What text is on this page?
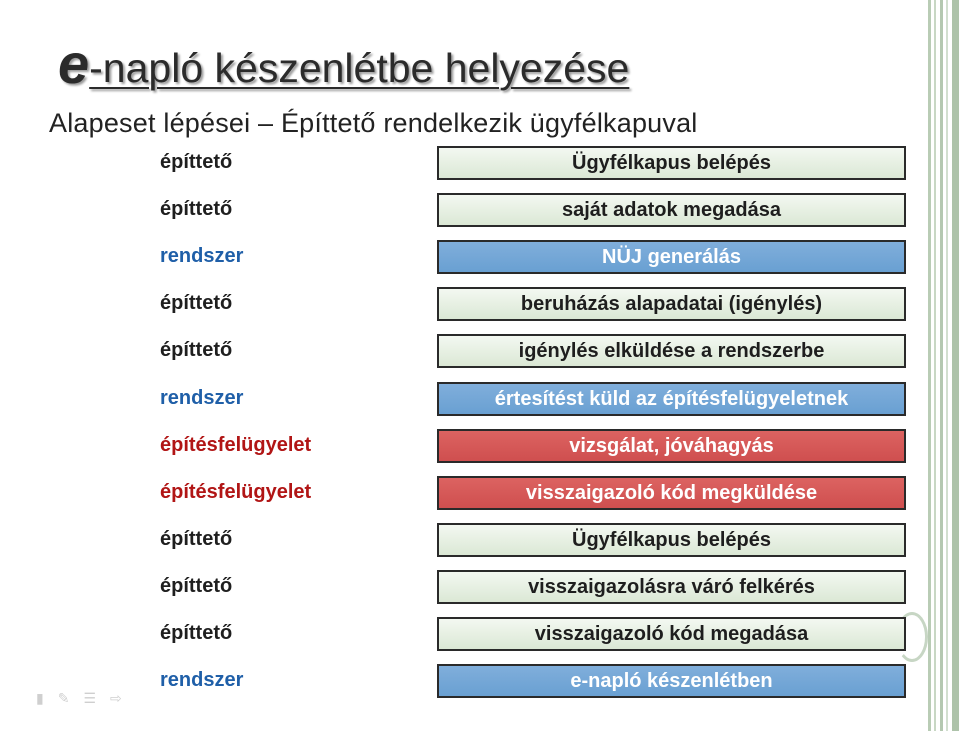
e-napló készenlétbe helyezése

Alapeset lépései – Építtető rendelkezik ügyfélkapuval

építtető	Ügyfélkapus belépés
építtető	saját adatok megadása
rendszer	NÜJ generálás
építtető	beruházás alapadatai (igénylés)
építtető	igénylés elküldése a rendszerbe
rendszer	értesítést küld az építésfelügyeletnek
építésfelügyelet	vizsgálat, jóváhagyás
építésfelügyelet	visszaigazoló kód megküldése
építtető	Ügyfélkapus belépés
építtető	visszaigazolásra váró felkérés
építtető	visszaigazoló kód megadása
rendszer	e-napló készenlétben
▮ ✎ ☰ ⇨
